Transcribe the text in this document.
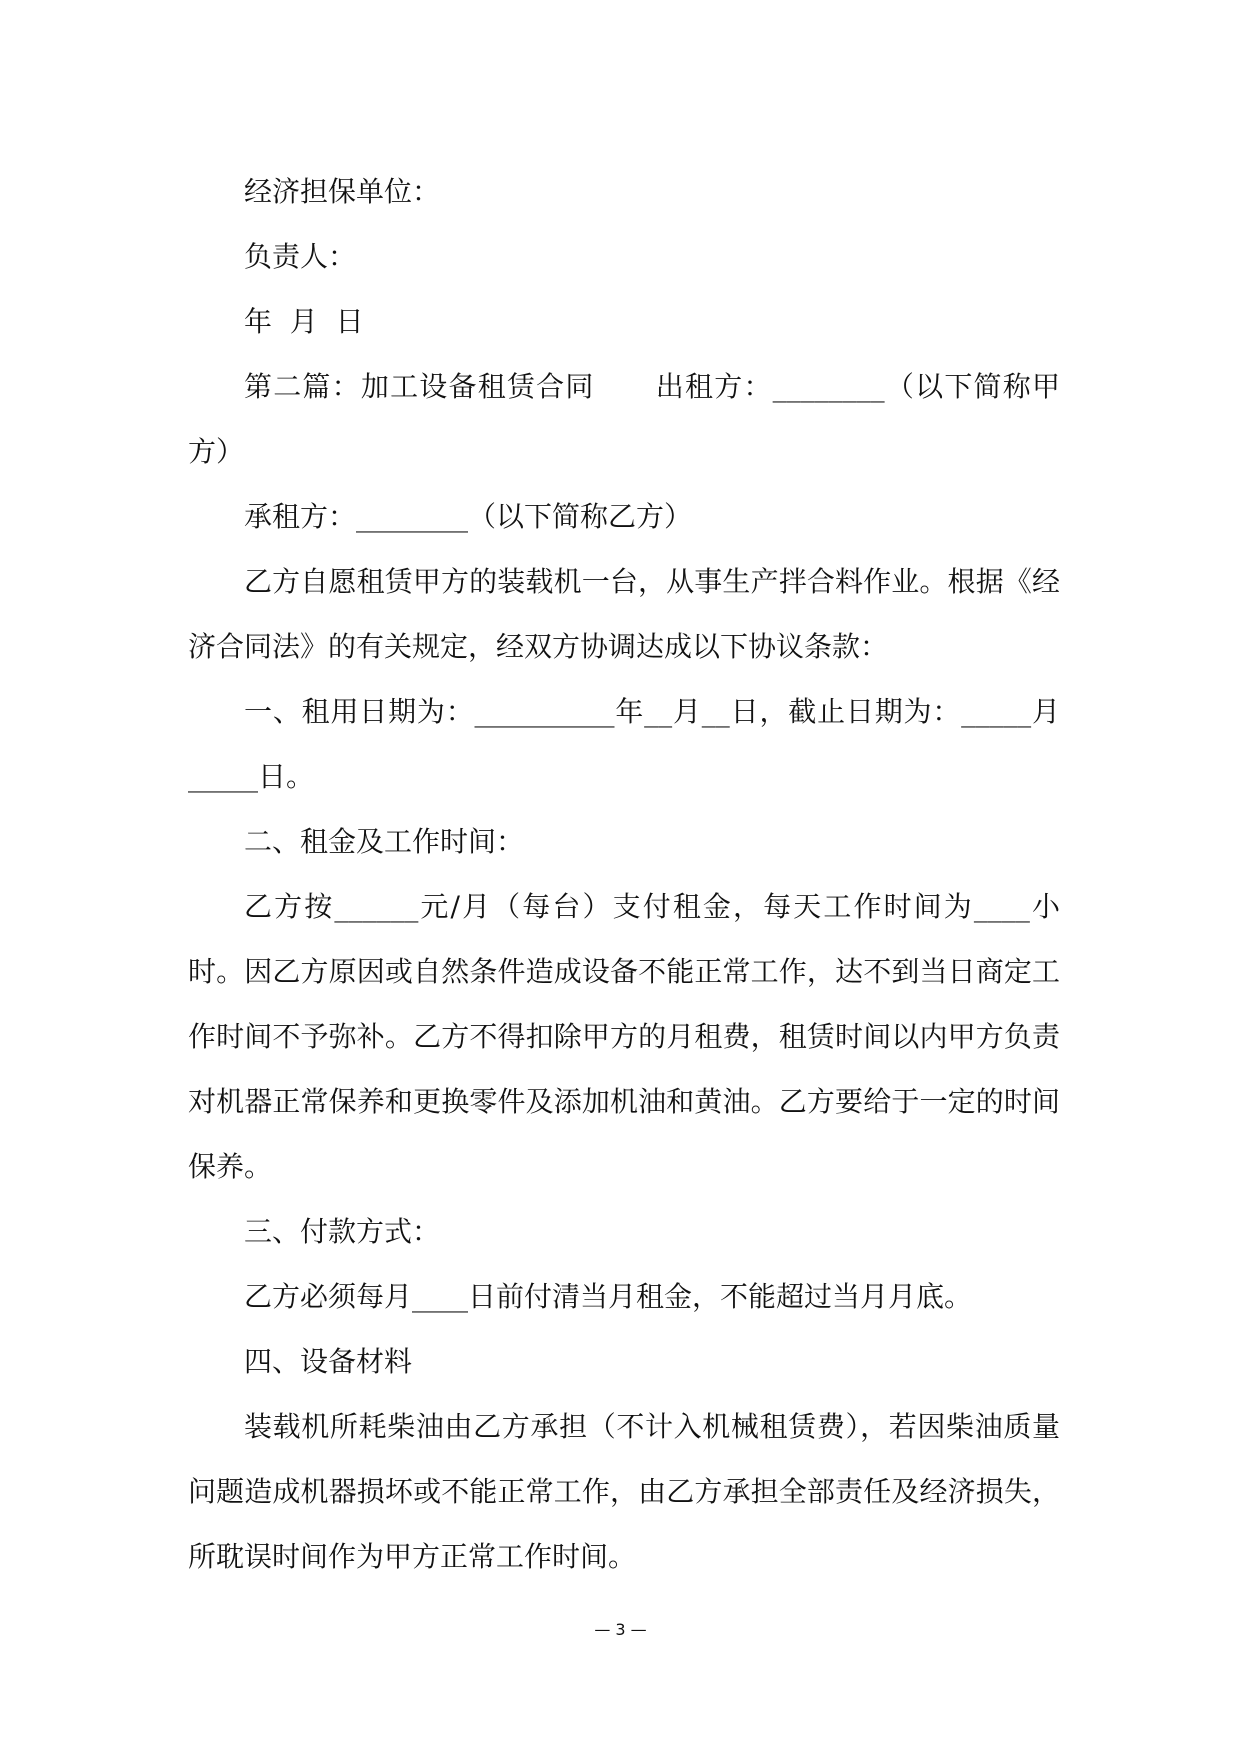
经济担保单位：

负责人：

年  月  日

第二篇：加工设备租赁合同 出租方：________（以下简称甲方）

承租方：________（以下简称乙方）

乙方自愿租赁甲方的装载机一台，从事生产拌合料作业。根据《经济合同法》的有关规定，经双方协调达成以下协议条款：

一、租用日期为：__________年__月__日，截止日期为：_____月_____日。

二、租金及工作时间：

乙方按______元/月（每台）支付租金，每天工作时间为____小时。因乙方原因或自然条件造成设备不能正常工作，达不到当日商定工作时间不予弥补。乙方不得扣除甲方的月租费，租赁时间以内甲方负责对机器正常保养和更换零件及添加机油和黄油。乙方要给于一定的时间保养。

三、付款方式：

乙方必须每月____日前付清当月租金，不能超过当月月底。

四、设备材料

装载机所耗柴油由乙方承担（不计入机械租赁费），若因柴油质量问题造成机器损坏或不能正常工作，由乙方承担全部责任及经济损失，所耽误时间作为甲方正常工作时间。

— 3 —
